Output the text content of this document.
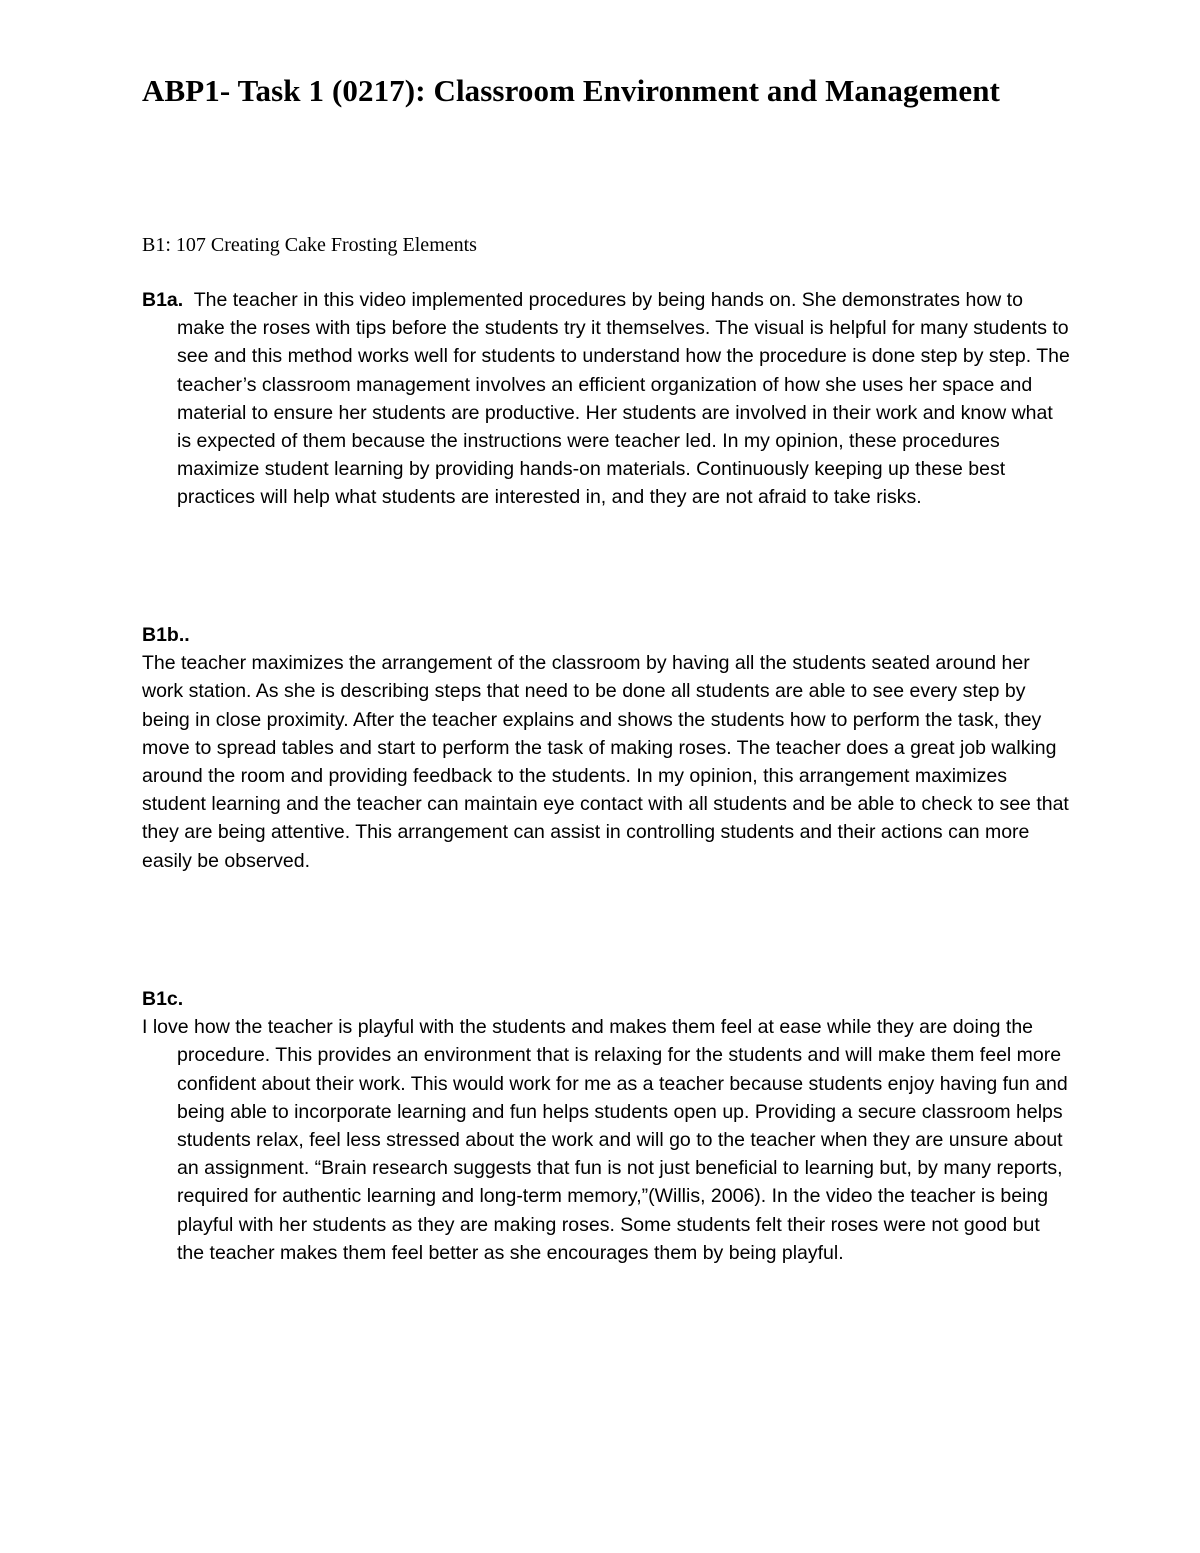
ABP1- Task 1 (0217): Classroom Environment and Management
B1: 107 Creating Cake Frosting Elements

B1a. The teacher in this video implemented procedures by being hands on. She demonstrates how to make the roses with tips before the students try it themselves. The visual is helpful for many students to see and this method works well for students to understand how the procedure is done step by step. The teacher’s classroom management involves an efficient organization of how she uses her space and material to ensure her students are productive. Her students are involved in their work and know what is expected of them because the instructions were teacher led. In my opinion, these procedures maximize student learning by providing hands-on materials. Continuously keeping up these best practices will help what students are interested in, and they are not afraid to take risks.

B1b..

The teacher maximizes the arrangement of the classroom by having all the students seated around her work station. As she is describing steps that need to be done all students are able to see every step by being in close proximity. After the teacher explains and shows the students how to perform the task, they move to spread tables and start to perform the task of making roses. The teacher does a great job walking around the room and providing feedback to the students. In my opinion, this arrangement maximizes student learning and the teacher can maintain eye contact with all students and be able to check to see that they are being attentive. This arrangement can assist in controlling students and their actions can more easily be observed.

B1c.

I love how the teacher is playful with the students and makes them feel at ease while they are doing the procedure. This provides an environment that is relaxing for the students and will make them feel more confident about their work. This would work for me as a teacher because students enjoy having fun and being able to incorporate learning and fun helps students open up. Providing a secure classroom helps students relax, feel less stressed about the work and will go to the teacher when they are unsure about an assignment. “Brain research suggests that fun is not just beneficial to learning but, by many reports, required for authentic learning and long-term memory,”(Willis, 2006). In the video the teacher is being playful with her students as they are making roses. Some students felt their roses were not good but the teacher makes them feel better as she encourages them by being playful.
